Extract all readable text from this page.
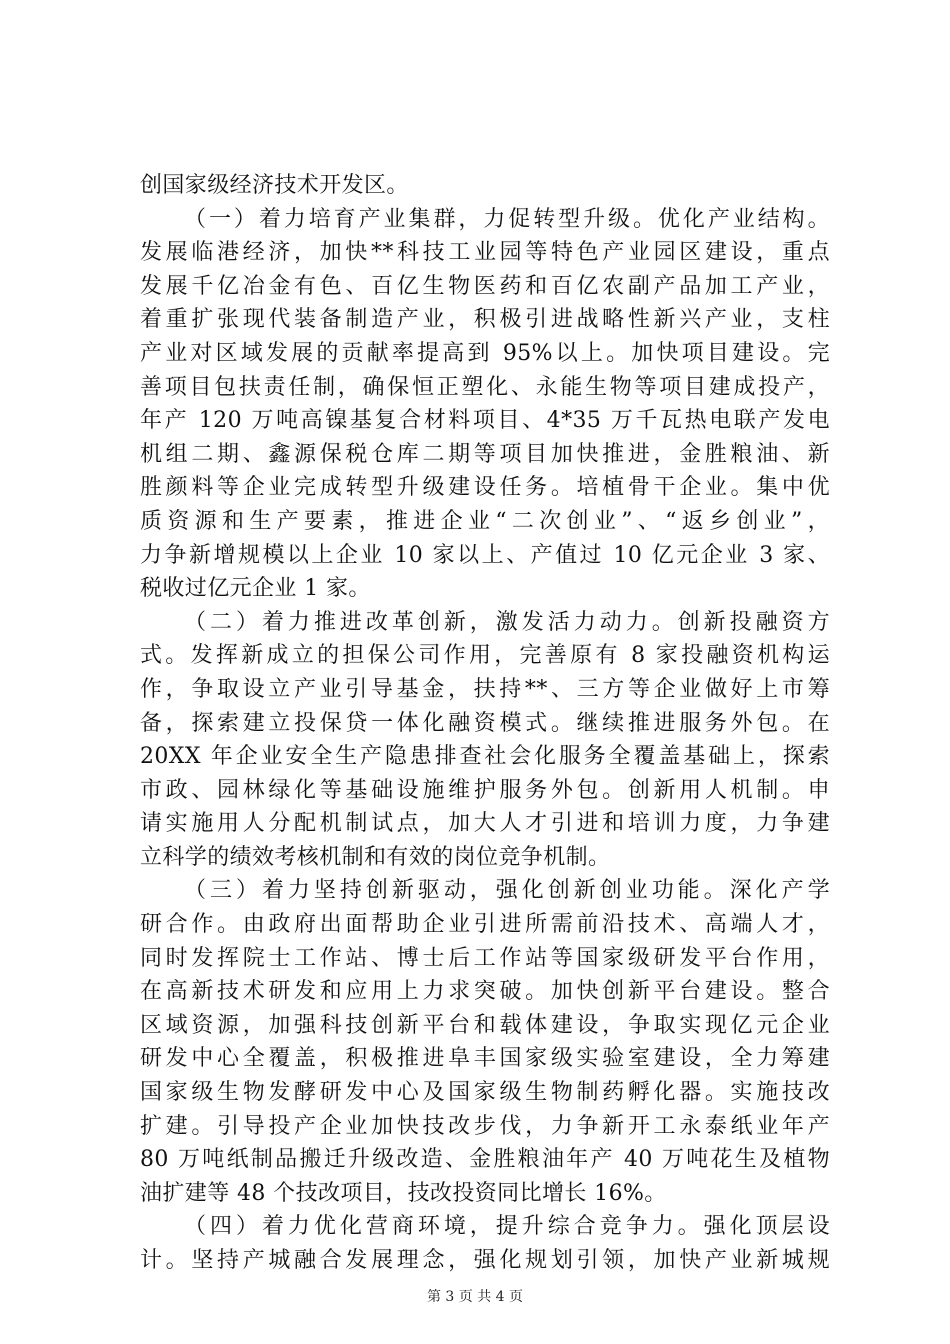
创国家级经济技术开发区。
（一）着力培育产业集群，力促转型升级。优化产业结构。
发展临港经济，加快**科技工业园等特色产业园区建设，重点
发展千亿冶金有色、百亿生物医药和百亿农副产品加工产业，
着重扩张现代装备制造产业，积极引进战略性新兴产业，支柱
产业对区域发展的贡献率提高到 95%以上。加快项目建设。完
善项目包扶责任制，确保恒正塑化、永能生物等项目建成投产，
年产 120 万吨高镍基复合材料项目、4*35 万千瓦热电联产发电
机组二期、鑫源保税仓库二期等项目加快推进，金胜粮油、新
胜颜料等企业完成转型升级建设任务。培植骨干企业。集中优
质资源和生产要素，推进企业“二次创业”、“返乡创业”，
力争新增规模以上企业 10 家以上、产值过 10 亿元企业 3 家、
税收过亿元企业 1 家。
（二）着力推进改革创新，激发活力动力。创新投融资方
式。发挥新成立的担保公司作用，完善原有 8 家投融资机构运
作，争取设立产业引导基金，扶持**、三方等企业做好上市筹
备，探索建立投保贷一体化融资模式。继续推进服务外包。在
20XX 年企业安全生产隐患排查社会化服务全覆盖基础上，探索
市政、园林绿化等基础设施维护服务外包。创新用人机制。申
请实施用人分配机制试点，加大人才引进和培训力度，力争建
立科学的绩效考核机制和有效的岗位竞争机制。
（三）着力坚持创新驱动，强化创新创业功能。深化产学
研合作。由政府出面帮助企业引进所需前沿技术、高端人才，
同时发挥院士工作站、博士后工作站等国家级研发平台作用，
在高新技术研发和应用上力求突破。加快创新平台建设。整合
区域资源，加强科技创新平台和载体建设，争取实现亿元企业
研发中心全覆盖，积极推进阜丰国家级实验室建设，全力筹建
国家级生物发酵研发中心及国家级生物制药孵化器。实施技改
扩建。引导投产企业加快技改步伐，力争新开工永泰纸业年产
80 万吨纸制品搬迁升级改造、金胜粮油年产 40 万吨花生及植物
油扩建等 48 个技改项目，技改投资同比增长 16%。
（四）着力优化营商环境，提升综合竞争力。强化顶层设
计。坚持产城融合发展理念，强化规划引领，加快产业新城规
第 3 页 共 4 页
